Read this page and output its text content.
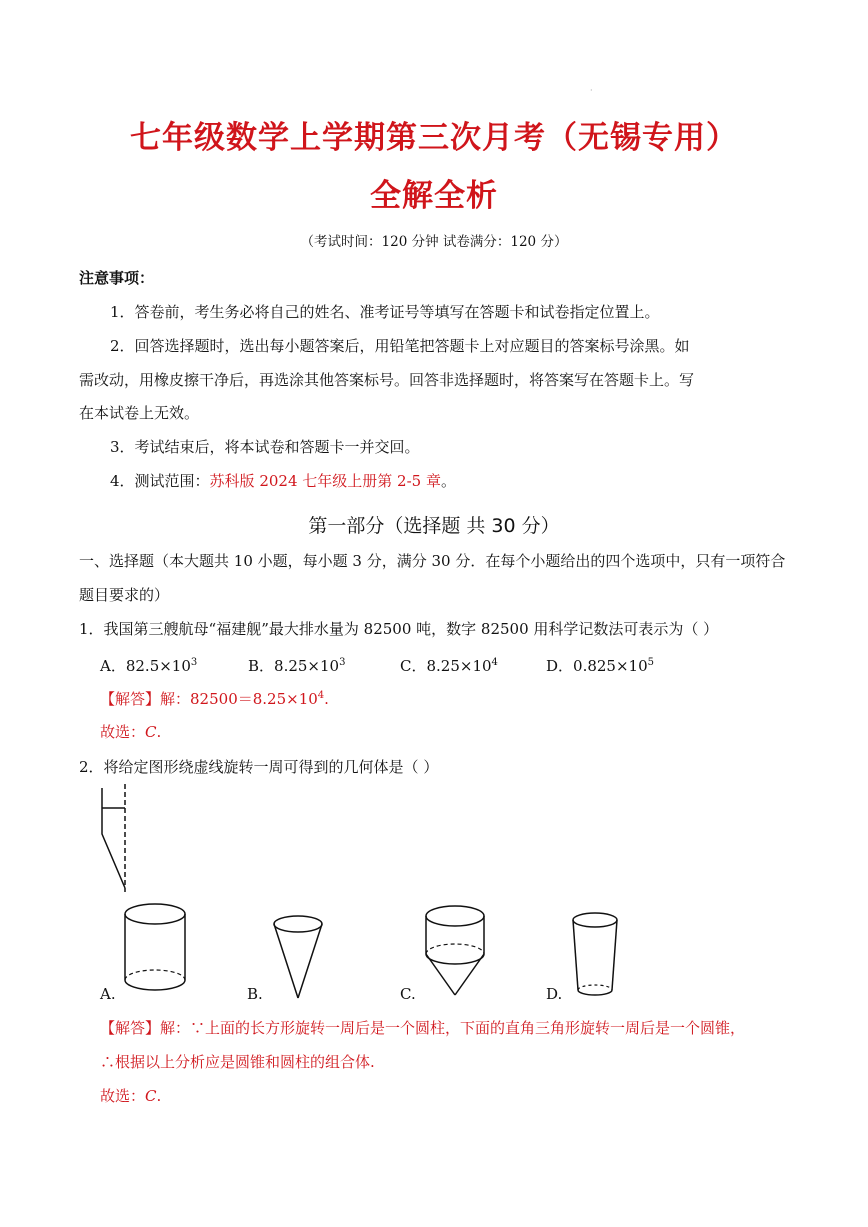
·
七年级数学上学期第三次月考（无锡专用）
全解全析
（考试时间：120 分钟 试卷满分：120 分）
注意事项：
1．答卷前，考生务必将自己的姓名、准考证号等填写在答题卡和试卷指定位置上。
2．回答选择题时，选出每小题答案后，用铅笔把答题卡上对应题目的答案标号涂黑。如
需改动，用橡皮擦干净后，再选涂其他答案标号。回答非选择题时，将答案写在答题卡上。写
在本试卷上无效。
3．考试结束后，将本试卷和答题卡一并交回。
4．测试范围：苏科版 2024 七年级上册第 2-5 章。
第一部分（选择题 共 30 分）
一、选择题（本大题共 10 小题，每小题 3 分，满分 30 分．在每个小题给出的四个选项中，只有一项符合
题目要求的）
1．我国第三艘航母“福建舰”最大排水量为 82500 吨，数字 82500 用科学记数法可表示为（ ）
A．$82.5\times 10^3$	B．$8.25\times 10^3$	C．$8.25\times 10^4$	D．$0.825\times 10^5$
【解答】解：$82500=8.25\times 10^4$.
故选：C.
2．将给定图形绕虚线旋转一周可得到的几何体是（ ）
A.	B.	C.	D.
【解答】解：∵上面的长方形旋转一周后是一个圆柱，下面的直角三角形旋转一周后是一个圆锥，
∴根据以上分析应是圆锥和圆柱的组合体.
故选：C.
